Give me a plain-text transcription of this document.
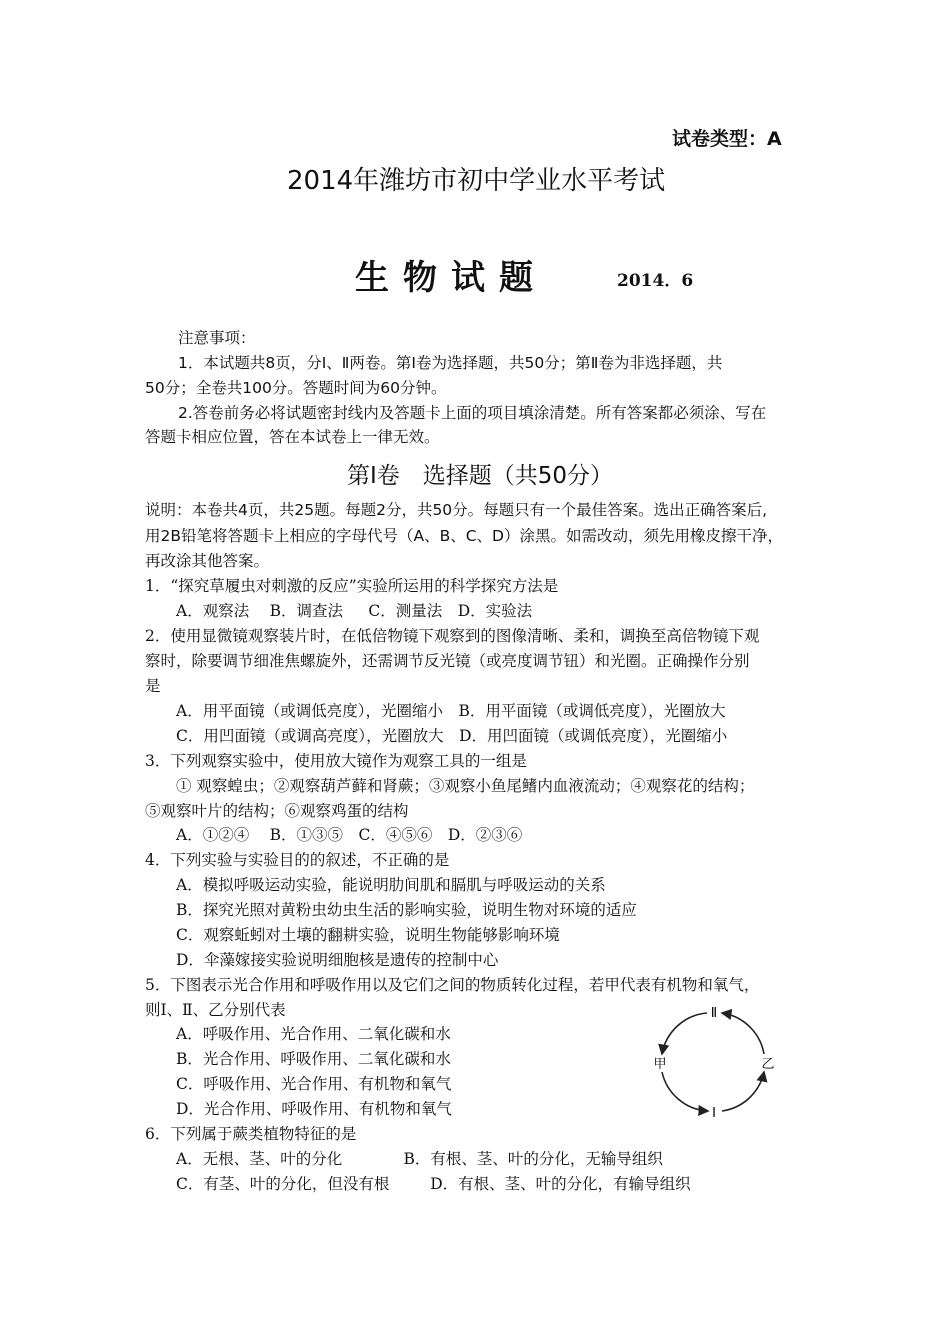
试卷类型：A
2014年潍坊市初中学业水平考试
生物试题	2014．6
注意事项：
1．本试题共8页，分Ⅰ、Ⅱ两卷。第Ⅰ卷为选择题，共50分；第Ⅱ卷为非选择题，共
50分；全卷共100分。答题时间为60分钟。
2.答卷前务必将试题密封线内及答题卡上面的项目填涂清楚。所有答案都必须涂、写在
答题卡相应位置，答在本试卷上一律无效。
第Ⅰ卷　选择题（共50分）
说明：本卷共4页，共25题。每题2分，共50分。每题只有一个最佳答案。选出正确答案后,
用2B铅笔将答题卡上相应的字母代号（A、B、C、D）涂黑。如需改动，须先用橡皮擦干净，
再改涂其他答案。
1．“探究草履虫对刺激的反应”实验所运用的科学探究方法是
A．观察法　 B．调查法 　 C．测量法　D．实验法
2．使用显微镜观察装片时，在低倍物镜下观察到的图像清晰、柔和，调换至高倍物镜下观
察时，除要调节细准焦螺旋外，还需调节反光镜（或亮度调节钮）和光圈。正确操作分别
是
A．用平面镜（或调低亮度），光圈缩小　B．用平面镜（或调低亮度），光圈放大
C．用凹面镜（或调高亮度），光圈放大　D．用凹面镜（或调低亮度），光圈缩小
3．下列观察实验中，使用放大镜作为观察工具的一组是
① 观察蝗虫；②观察葫芦藓和肾蕨；③观察小鱼尾鳍内血液流动；④观察花的结构；
⑤观察叶片的结构；⑥观察鸡蛋的结构
A．①②④　 B．①③⑤　C．④⑤⑥　D．②③⑥
4．下列实验与实验目的的叙述，不正确的是
A．模拟呼吸运动实验，能说明肋间肌和膈肌与呼吸运动的关系
B．探究光照对黄粉虫幼虫生活的影响实验，说明生物对环境的适应
C．观察蚯蚓对土壤的翻耕实验，说明生物能够影响环境
D．伞藻嫁接实验说明细胞核是遗传的控制中心
5．下图表示光合作用和呼吸作用以及它们之间的物质转化过程，若甲代表有机物和氧气，
则Ⅰ、Ⅱ、乙分别代表
A．呼吸作用、光合作用、二氧化碳和水
B．光合作用、呼吸作用、二氧化碳和水
C．呼吸作用、光合作用、有机物和氧气
D．光合作用、呼吸作用、有机物和氧气
Ⅱ
Ⅰ
甲	乙
6．下列属于蕨类植物特征的是
A．无根、茎、叶的分化　 　 　 B．有根、茎、叶的分化，无输导组织
C．有茎、叶的分化，但没有根　 　 D．有根、茎、叶的分化，有输导组织
